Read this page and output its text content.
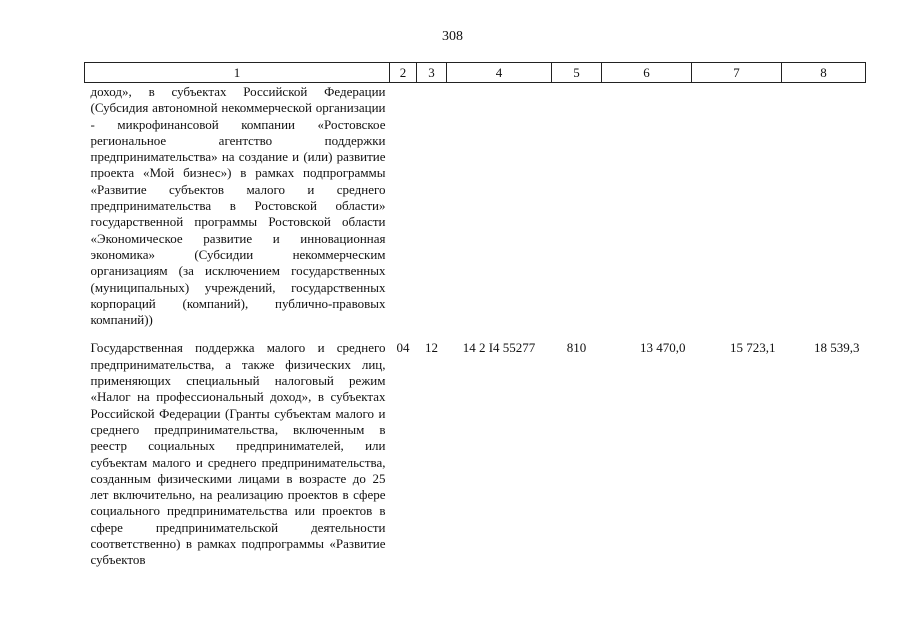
308
1	2	3	4	5	6	7	8
доход», в субъектах Российской Федерации (Субсидия автономной некоммерческой организации - микрофинансовой компании «Ростовское региональное агентство поддержки предпринимательства» на создание и (или) развитие проекта «Мой бизнес») в рамках подпрограммы «Развитие субъектов малого и среднего предпринимательства в Ростовской области» государственной программы Ростовской области «Экономическое развитие и инновационная экономика» (Субсидии некоммерческим организациям (за исключением государственных (муниципальных) учреждений, государственных корпораций (компаний), публично-правовых компаний))							
Государственная поддержка малого и среднего предпринимательства, а также физических лиц, применяющих специальный налоговый режим «Налог на профессиональный доход», в субъектах Российской Федерации (Гранты субъектам малого и среднего предпринимательства, включенным в реестр социальных предпринимателей, или субъектам малого и среднего предпринимательства, созданным физическими лицами в возрасте до 25 лет включительно, на реализацию проектов в сфере социального предпринимательства или проектов в сфере предпринимательской деятельности соответственно) в рамках подпрограммы «Развитие субъектов	04	12	14 2 I4 55277	810	13 470,0	15 723,1	18 539,3
